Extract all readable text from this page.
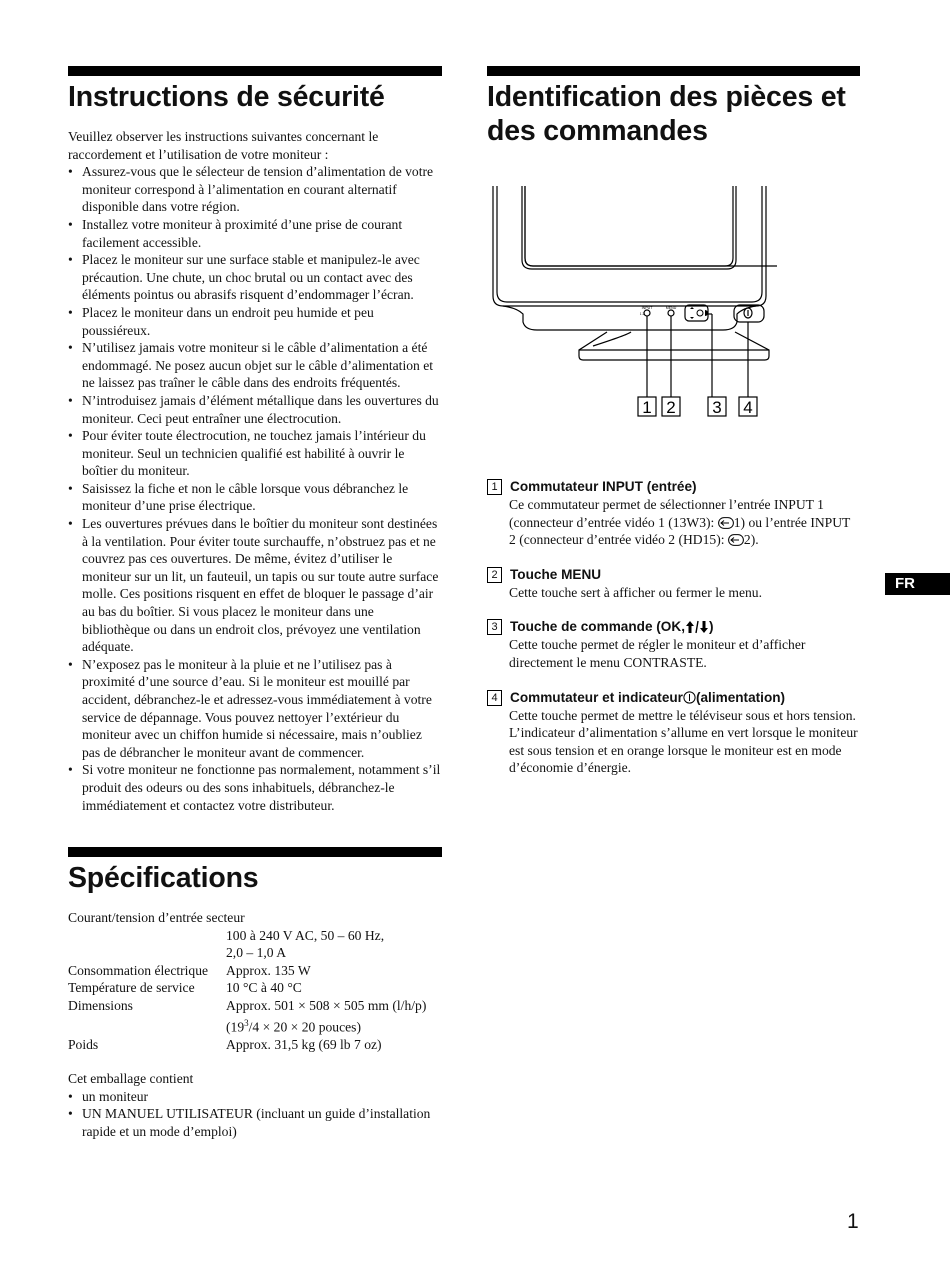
Instructions de sécurité

Veuillez observer les instructions suivantes concernant le raccordement et l’utilisation de votre moniteur :

• Assurez-vous que le sélecteur de tension d’alimentation de votre moniteur correspond à l’alimentation en courant alternatif disponible dans votre région.
• Installez votre moniteur à proximité d’une prise de courant facilement accessible.
• Placez le moniteur sur une surface stable et manipulez-le avec précaution. Une chute, un choc brutal ou un contact avec des éléments pointus ou abrasifs risquent d’endommager l’écran.
• Placez le moniteur dans un endroit peu humide et peu poussiéreux.
• N’utilisez jamais votre moniteur si le câble d’alimentation a été endommagé. Ne posez aucun objet sur le câble d’alimentation et ne laissez pas traîner le câble dans des endroits fréquentés.
• N’introduisez jamais d’élément métallique dans les ouvertures du moniteur. Ceci peut entraîner une électrocution.
• Pour éviter toute électrocution, ne touchez jamais l’intérieur du moniteur. Seul un technicien qualifié est habilité à ouvrir le boîtier du moniteur.
• Saisissez la fiche et non le câble lorsque vous débranchez le moniteur d’une prise électrique.
• Les ouvertures prévues dans le boîtier du moniteur sont destinées à la ventilation. Pour éviter toute surchauffe, n’obstruez pas et ne couvrez pas ces ouvertures. De même, évitez d’utiliser le moniteur sur un lit, un fauteuil, un tapis ou sur toute autre surface molle. Ces positions risquent en effet de bloquer le passage d’air au bas du boîtier. Si vous placez le moniteur dans une bibliothèque ou dans un endroit clos, prévoyez une ventilation adéquate.
• N’exposez pas le moniteur à la pluie et ne l’utilisez pas à proximité d’une source d’eau. Si le moniteur est mouillé par accident, débranchez-le et adressez-vous immédiatement à votre service de dépannage. Vous pouvez nettoyer l’extérieur du moniteur avec un chiffon humide si nécessaire, mais n’oubliez pas de débrancher le moniteur avant de commencer.
• Si votre moniteur ne fonctionne pas normalement, notamment s’il produit des odeurs ou des sons inhabituels, débranchez-le immédiatement et contactez votre distributeur.
Spécifications
Courant/tension d’entrée secteur
100 à 240 V AC, 50 – 60 Hz,
2,0 – 1,0 A
Consommation électrique	Approx. 135 W
Température de service	10 °C à 40 °C
Dimensions	Approx. 501 × 508 × 505 mm (l/h/p)
($19^3/4 \times 20 \times 20$ pouces)
Poids	Approx. 31,5 kg (69 lb 7 oz)
Cet emballage contient
• un moniteur
• UN MANUEL UTILISATEUR (incluant un guide d’installation rapide et un mode d’emploi)
Identification des pièces et des commandes
INPUT
1 2
MENU
1 2 3 4
1 Commutateur INPUT (entrée)
Ce commutateur permet de sélectionner l’entrée INPUT 1 (connecteur d’entrée vidéo 1 (13W3): 1) ou l’entrée INPUT 2 (connecteur d’entrée vidéo 2 (HD15): 2).
2 Touche MENU
Cette touche sert à afficher ou fermer le menu.
3 Touche de commande (OK, )
Cette touche permet de régler le moniteur et d’afficher directement le menu CONTRASTE.
4 Commutateur et indicateur (alimentation)
Cette touche permet de mettre le téléviseur sous et hors tension. L’indicateur d’alimentation s’allume en vert lorsque le moniteur est sous tension et en orange lorsque le moniteur est en mode d’économie d’énergie.
FR
1
